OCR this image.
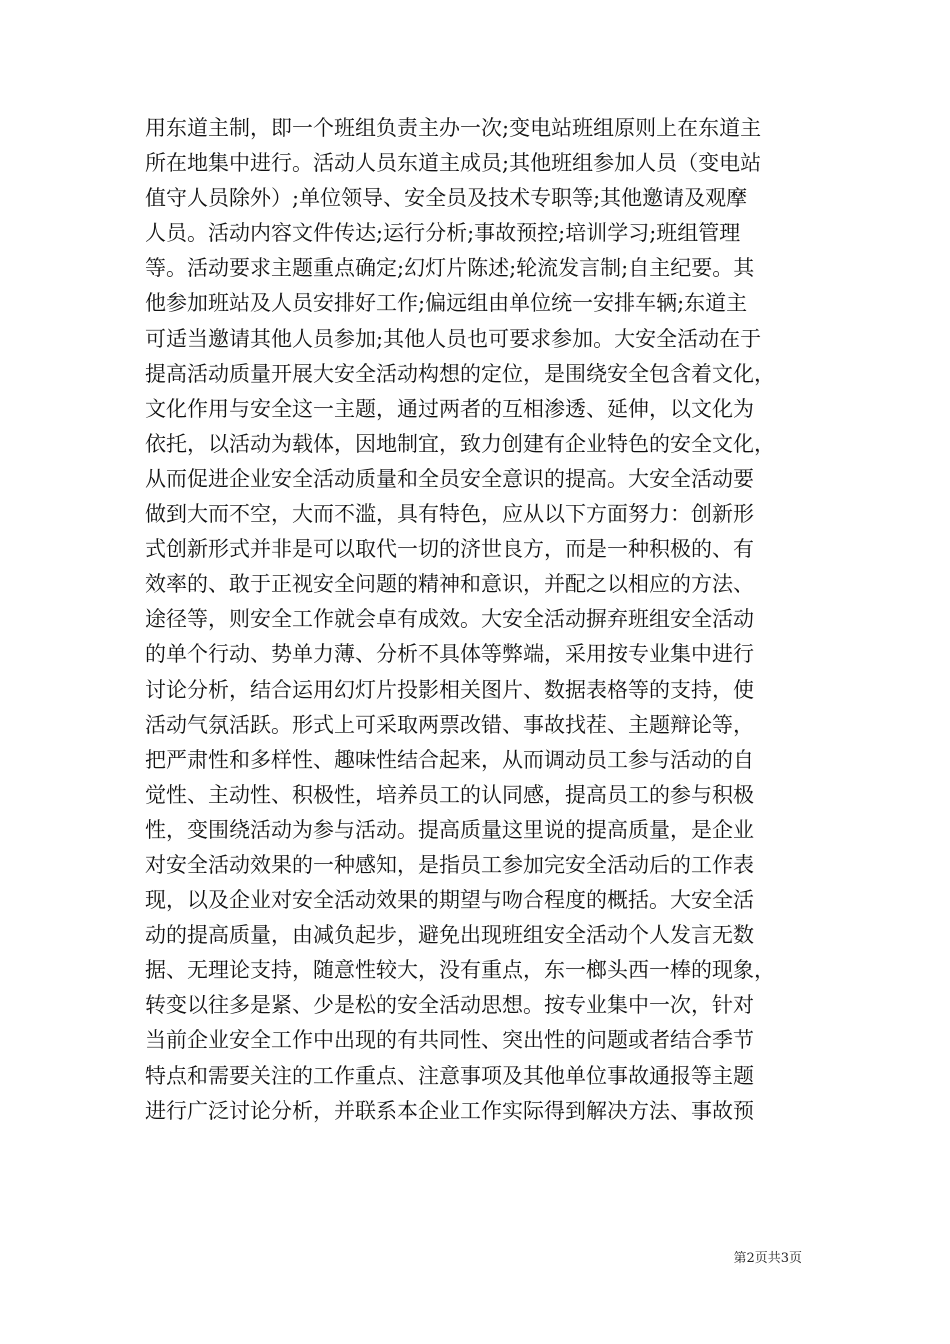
用东道主制，即一个班组负责主办一次;变电站班组原则上在东道主
所在地集中进行。活动人员东道主成员;其他班组参加人员（变电站
值守人员除外）;单位领导、安全员及技术专职等;其他邀请及观摩
人员。活动内容文件传达;运行分析;事故预控;培训学习;班组管理
等。活动要求主题重点确定;幻灯片陈述;轮流发言制;自主纪要。其
他参加班站及人员安排好工作;偏远组由单位统一安排车辆;东道主
可适当邀请其他人员参加;其他人员也可要求参加。大安全活动在于
提高活动质量开展大安全活动构想的定位，是围绕安全包含着文化，
文化作用与安全这一主题，通过两者的互相渗透、延伸，以文化为
依托，以活动为载体，因地制宜，致力创建有企业特色的安全文化，
从而促进企业安全活动质量和全员安全意识的提高。大安全活动要
做到大而不空，大而不滥，具有特色，应从以下方面努力：创新形
式创新形式并非是可以取代一切的济世良方，而是一种积极的、有
效率的、敢于正视安全问题的精神和意识，并配之以相应的方法、
途径等，则安全工作就会卓有成效。大安全活动摒弃班组安全活动
的单个行动、势单力薄、分析不具体等弊端，采用按专业集中进行
讨论分析，结合运用幻灯片投影相关图片、数据表格等的支持，使
活动气氛活跃。形式上可采取两票改错、事故找茬、主题辩论等，
把严肃性和多样性、趣味性结合起来，从而调动员工参与活动的自
觉性、主动性、积极性，培养员工的认同感，提高员工的参与积极
性，变围绕活动为参与活动。提高质量这里说的提高质量，是企业
对安全活动效果的一种感知，是指员工参加完安全活动后的工作表
现，以及企业对安全活动效果的期望与吻合程度的概括。大安全活
动的提高质量，由减负起步，避免出现班组安全活动个人发言无数
据、无理论支持，随意性较大，没有重点，东一榔头西一棒的现象，
转变以往多是紧、少是松的安全活动思想。按专业集中一次，针对
当前企业安全工作中出现的有共同性、突出性的问题或者结合季节
特点和需要关注的工作重点、注意事项及其他单位事故通报等主题
进行广泛讨论分析，并联系本企业工作实际得到解决方法、事故预
第2页共3页
